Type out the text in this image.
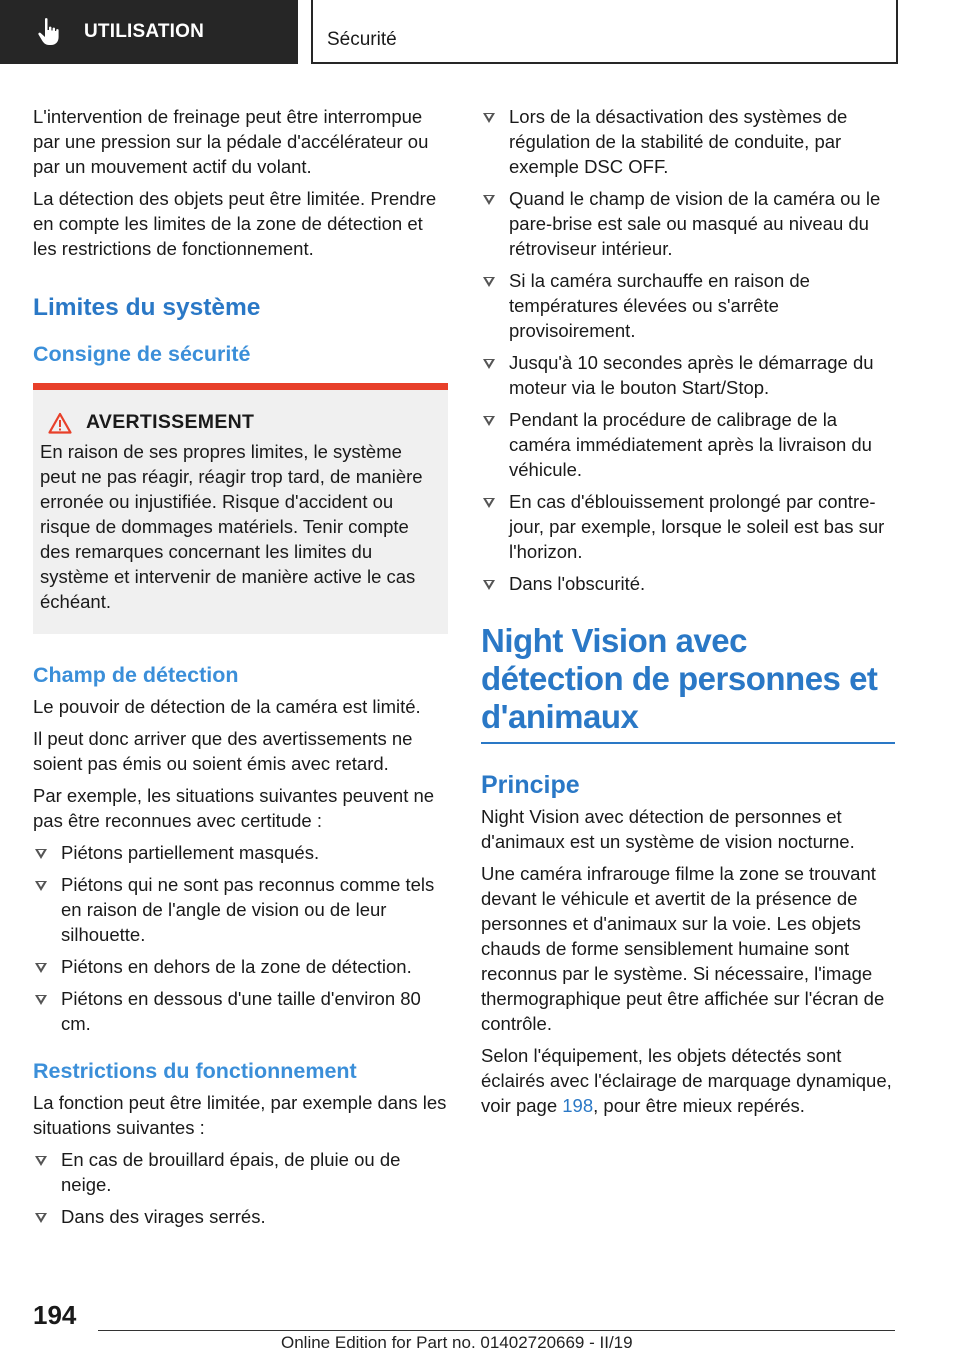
UTILISATION	Sécurité

L'intervention de freinage peut être interrompue par une pression sur la pédale d'accélérateur ou par un mouvement actif du volant.

La détection des objets peut être limitée. Prendre en compte les limites de la zone de détection et les restrictions de fonctionnement.

Limites du système
Consigne de sécurité
AVERTISSEMENT
En raison de ses propres limites, le système peut ne pas réagir, réagir trop tard, de manière erronée ou injustifiée. Risque d'accident ou risque de dommages matériels. Tenir compte des remarques concernant les limites du système et intervenir de manière active le cas échéant.
Champ de détection

Le pouvoir de détection de la caméra est limité.

Il peut donc arriver que des avertissements ne soient pas émis ou soient émis avec retard.

Par exemple, les situations suivantes peuvent ne pas être reconnues avec certitude :

Piétons partiellement masqués.
Piétons qui ne sont pas reconnus comme tels en raison de l'angle de vision ou de leur silhouette.
Piétons en dehors de la zone de détection.
Piétons en dessous d'une taille d'environ 80 cm.
Restrictions du fonctionnement

La fonction peut être limitée, par exemple dans les situations suivantes :

En cas de brouillard épais, de pluie ou de neige.
Dans des virages serrés.
Lors de la désactivation des systèmes de régulation de la stabilité de conduite, par exemple DSC OFF.
Quand le champ de vision de la caméra ou le pare-brise est sale ou masqué au niveau du rétroviseur intérieur.
Si la caméra surchauffe en raison de températures élevées ou s'arrête provisoirement.
Jusqu'à 10 secondes après le démarrage du moteur via le bouton Start/Stop.
Pendant la procédure de calibrage de la caméra immédiatement après la livraison du véhicule.
En cas d'éblouissement prolongé par contre-jour, par exemple, lorsque le soleil est bas sur l'horizon.
Dans l'obscurité.
Night Vision avec détection de personnes et d'animaux
Principe

Night Vision avec détection de personnes et d'animaux est un système de vision nocturne.

Une caméra infrarouge filme la zone se trouvant devant le véhicule et avertit de la présence de personnes et d'animaux sur la voie. Les objets chauds de forme sensiblement humaine sont reconnus par le système. Si nécessaire, l'image thermographique peut être affichée sur l'écran de contrôle.

Selon l'équipement, les objets détectés sont éclairés avec l'éclairage de marquage dynamique, voir page 198, pour être mieux repérés.

194
Online Edition for Part no. 01402720669 - II/19
